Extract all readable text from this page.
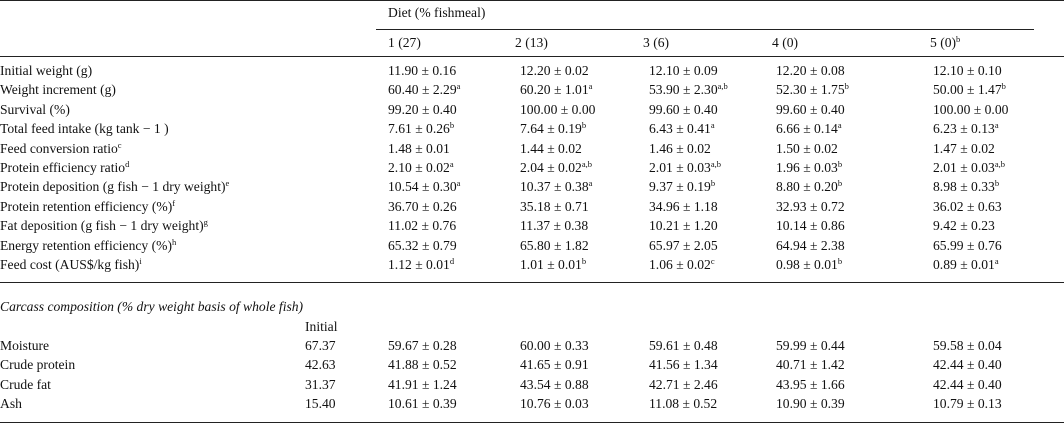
Diet (% fishmeal)
1 (27)	2 (13)	3 (6)	4 (0)	5 $(0)^b$
Initial weight (g)	11.90 ± 0.16	12.20 ± 0.02	12.10 ± 0.09	12.20 ± 0.08	12.10 ± 0.10
Weight increment (g)	60.40 ± 2.29$^a$	60.20 ± 1.01$^a$	$53.90 \pm 2.30^{a,b}$	52.30 ± 1.75$^b$	50.00 ± 1.47$^b$
Survival (%)	99.20 ± 0.40	100.00 ± 0.00	99.60 ± 0.40	99.60 ± 0.40	100.00 ± 0.00
Total feed intake (kg tank − 1 )	7.61 ± 0.26$^b$	7.64 ± 0.19$^b$	6.43 ± 0.41$^a$	6.66 ± 0.14$^a$	6.23 ± 0.13$^a$
Feed conversion ratio$^c$	1.48 ± 0.01	1.44 ± 0.02	1.46 ± 0.02	1.50 ± 0.02	1.47 ± 0.02
Protein efficiency ratio$^d$	2.10 ± 0.02$^a$	$2.04 \pm 0.02^{a,b}$	$2.01 \pm 0.03^{a,b}$	1.96 ± 0.03$^b$	$2.01 \pm 0.03^{a,b}$
Protein deposition (g fish − 1 dry weight)$^e$	10.54 ± 0.30$^a$	10.37 ± 0.38$^a$	9.37 ± 0.19$^b$	8.80 ± 0.20$^b$	8.98 ± 0.33$^b$
Protein retention efficiency (%)$^f$	36.70 ± 0.26	35.18 ± 0.71	34.96 ± 1.18	32.93 ± 0.72	36.02 ± 0.63
Fat deposition (g fish − 1 dry weight)$^g$	11.02 ± 0.76	11.37 ± 0.38	10.21 ± 1.20	10.14 ± 0.86	9.42 ± 0.23
Energy retention efficiency (%)$^h$	65.32 ± 0.79	65.80 ± 1.82	65.97 ± 2.05	64.94 ± 2.38	65.99 ± 0.76
Feed cost (AUS$/kg fish)$^i$	1.12 ± 0.01$^d$	1.01 ± 0.01$^b$	1.06 ± 0.02$^c$	0.98 ± 0.01$^b$	0.89 ± 0.01$^a$
Carcass composition (% dry weight basis of whole fish)
Initial
Moisture	67.37	59.67 ± 0.28	60.00 ± 0.33	59.61 ± 0.48	59.99 ± 0.44	59.58 ± 0.04
Crude protein	42.63	41.88 ± 0.52	41.65 ± 0.91	41.56 ± 1.34	40.71 ± 1.42	42.44 ± 0.40
Crude fat	31.37	41.91 ± 1.24	43.54 ± 0.88	42.71 ± 2.46	43.95 ± 1.66	42.44 ± 0.40
Ash	15.40	10.61 ± 0.39	10.76 ± 0.03	11.08 ± 0.52	10.90 ± 0.39	10.79 ± 0.13
